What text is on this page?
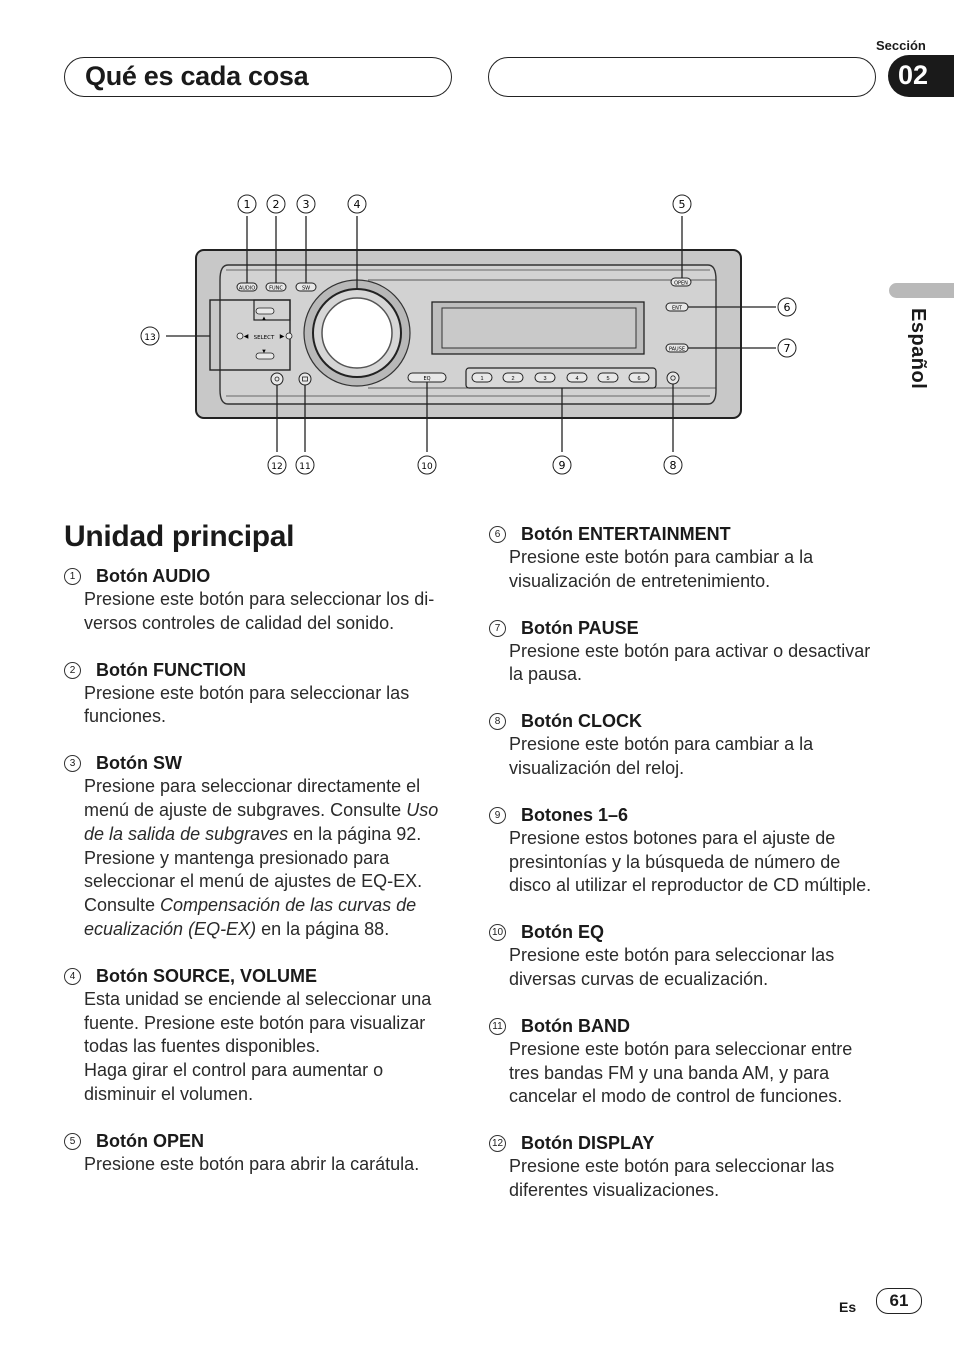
Qué es cada cosa
Sección
02
Español
AUDIO	FUNC	SW
SELECT
▲
▼
◀	▶
OPEN
ENT
PAUSE
EQ	1	2	3	4	5	6
1 2 3	4	5
6
7
8
9
10
11
12
13
Unidad principal
1	Botón AUDIO

Presione este botón para seleccionar los di-

versos controles de calidad del sonido.

2	Botón FUNCTION

Presione este botón para seleccionar las

funciones.

3	Botón SW

Presione para seleccionar directamente el menú de ajuste de subgraves. Consulte Uso de la salida de subgraves en la página 92. Presione y mantenga presionado para seleccionar el menú de ajustes de EQ-EX. Consulte Compensación de las curvas de ecualización (EQ-EX) en la página 88.

4	Botón SOURCE, VOLUME

Esta unidad se enciende al seleccionar una fuente. Presione este botón para visualizar todas las fuentes disponibles.

Haga girar el control para aumentar o disminuir el volumen.

5	Botón OPEN

Presione este botón para abrir la carátula.

6	Botón ENTERTAINMENT

Presione este botón para cambiar a la visualización de entretenimiento.

7	Botón PAUSE

Presione este botón para activar o desactivar la pausa.

8	Botón CLOCK

Presione este botón para cambiar a la visualización del reloj.

9	Botones 1–6

Presione estos botones para el ajuste de presintonías y la búsqueda de número de disco al utilizar el reproductor de CD múltiple.

10 Botón EQ

Presione este botón para seleccionar las diversas curvas de ecualización.

11 Botón BAND

Presione este botón para seleccionar entre tres bandas FM y una banda AM, y para cancelar el modo de control de funciones.

12 Botón DISPLAY

Presione este botón para seleccionar las diferentes visualizaciones.

Es	61
